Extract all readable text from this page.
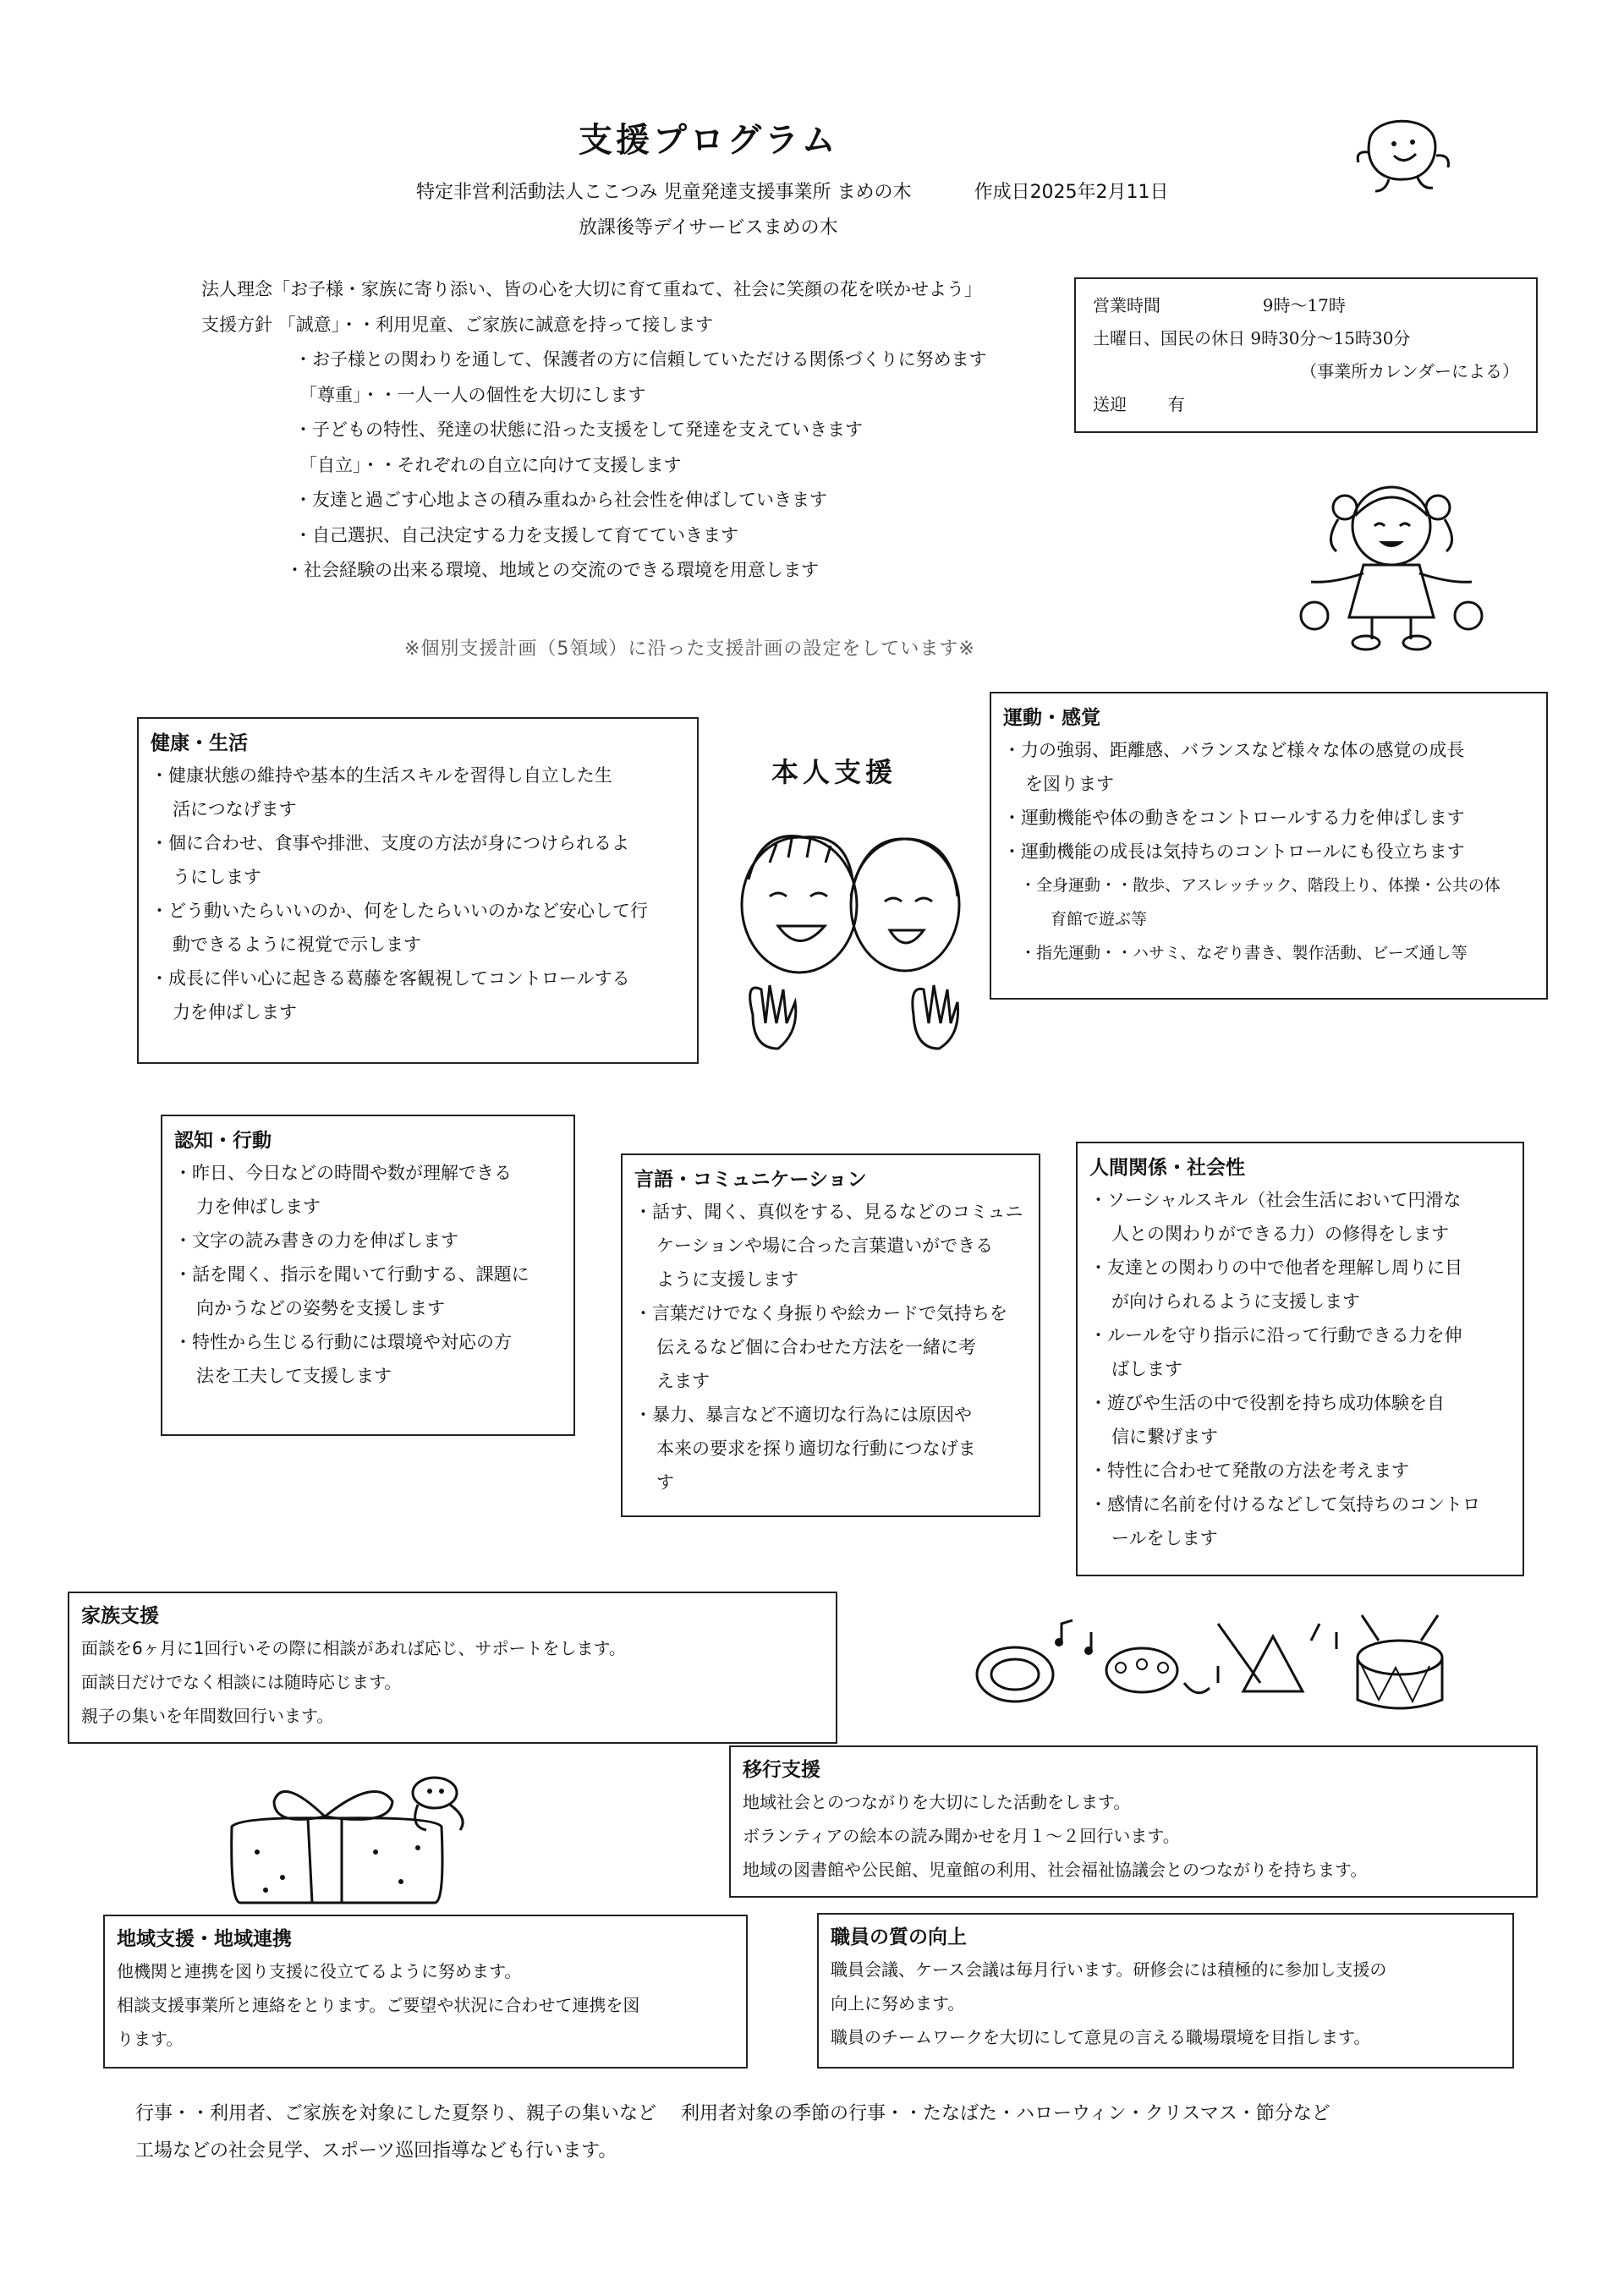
支援プログラム
特定非営利活動法人ここつみ 児童発達支援事業所 まめの木	作成日2025年2月11日
放課後等デイサービスまめの木
法人理念「お子様・家族に寄り添い、皆の心を大切に育て重ねて、社会に笑顔の花を咲かせよう」
支援方針 「誠意」・・利用児童、ご家族に誠意を持って接します
・お子様との関わりを通して、保護者の方に信頼していただける関係づくりに努めます
「尊重」・・一人一人の個性を大切にします
・子どもの特性、発達の状態に沿った支援をして発達を支えていきます
「自立」・・それぞれの自立に向けて支援します
・友達と過ごす心地よさの積み重ねから社会性を伸ばしていきます
・自己選択、自己決定する力を支援して育てていきます
・社会経験の出来る環境、地域との交流のできる環境を用意します
営業時間	9時～17時
土曜日、国民の休日 9時30分～15時30分
（事業所カレンダーによる）
送迎 有
※個別支援計画（5領域）に沿った支援計画の設定をしています※
健康・生活
・健康状態の維持や基本的生活スキルを習得し自立した生
活につなげます
・個に合わせ、食事や排泄、支度の方法が身につけられるよ
うにします
・どう動いたらいいのか、何をしたらいいのかなど安心して行
動できるように視覚で示します
・成長に伴い心に起きる葛藤を客観視してコントロールする
力を伸ばします
本人支援
運動・感覚
・力の強弱、距離感、バランスなど様々な体の感覚の成長
を図ります
・運動機能や体の動きをコントロールする力を伸ばします
・運動機能の成長は気持ちのコントロールにも役立ちます
・全身運動・・散歩、アスレッチック、階段上り、体操・公共の体
育館で遊ぶ等
・指先運動・・ハサミ、なぞり書き、製作活動、ビーズ通し等
認知・行動
・昨日、今日などの時間や数が理解できる
力を伸ばします
・文字の読み書きの力を伸ばします
・話を聞く、指示を聞いて行動する、課題に
向かうなどの姿勢を支援します
・特性から生じる行動には環境や対応の方
法を工夫して支援します
言語・コミュニケーション
・話す、聞く、真似をする、見るなどのコミュニ
ケーションや場に合った言葉遣いができる
ように支援します
・言葉だけでなく身振りや絵カードで気持ちを
伝えるなど個に合わせた方法を一緒に考
えます
・暴力、暴言など不適切な行為には原因や
本来の要求を探り適切な行動につなげま
す
人間関係・社会性
・ソーシャルスキル（社会生活において円滑な
人との関わりができる力）の修得をします
・友達との関わりの中で他者を理解し周りに目
が向けられるように支援します
・ルールを守り指示に沿って行動できる力を伸
ばします
・遊びや生活の中で役割を持ち成功体験を自
信に繋げます
・特性に合わせて発散の方法を考えます
・感情に名前を付けるなどして気持ちのコントロ
ールをします
家族支援
面談を6ヶ月に1回行いその際に相談があれば応じ、サポートをします。
面談日だけでなく相談には随時応じます。
親子の集いを年間数回行います。
移行支援
地域社会とのつながりを大切にした活動をします。
ボランティアの絵本の読み聞かせを月１～２回行います。
地域の図書館や公民館、児童館の利用、社会福祉協議会とのつながりを持ちます。
地域支援・地域連携
他機関と連携を図り支援に役立てるように努めます。
相談支援事業所と連絡をとります。ご要望や状況に合わせて連携を図
ります。
職員の質の向上
職員会議、ケース会議は毎月行います。研修会には積極的に参加し支援の
向上に努めます。
職員のチームワークを大切にして意見の言える職場環境を目指します。
行事・・利用者、ご家族を対象にした夏祭り、親子の集いなど　 利用者対象の季節の行事・・たなばた・ハローウィン・クリスマス・節分など
工場などの社会見学、スポーツ巡回指導なども行います。
